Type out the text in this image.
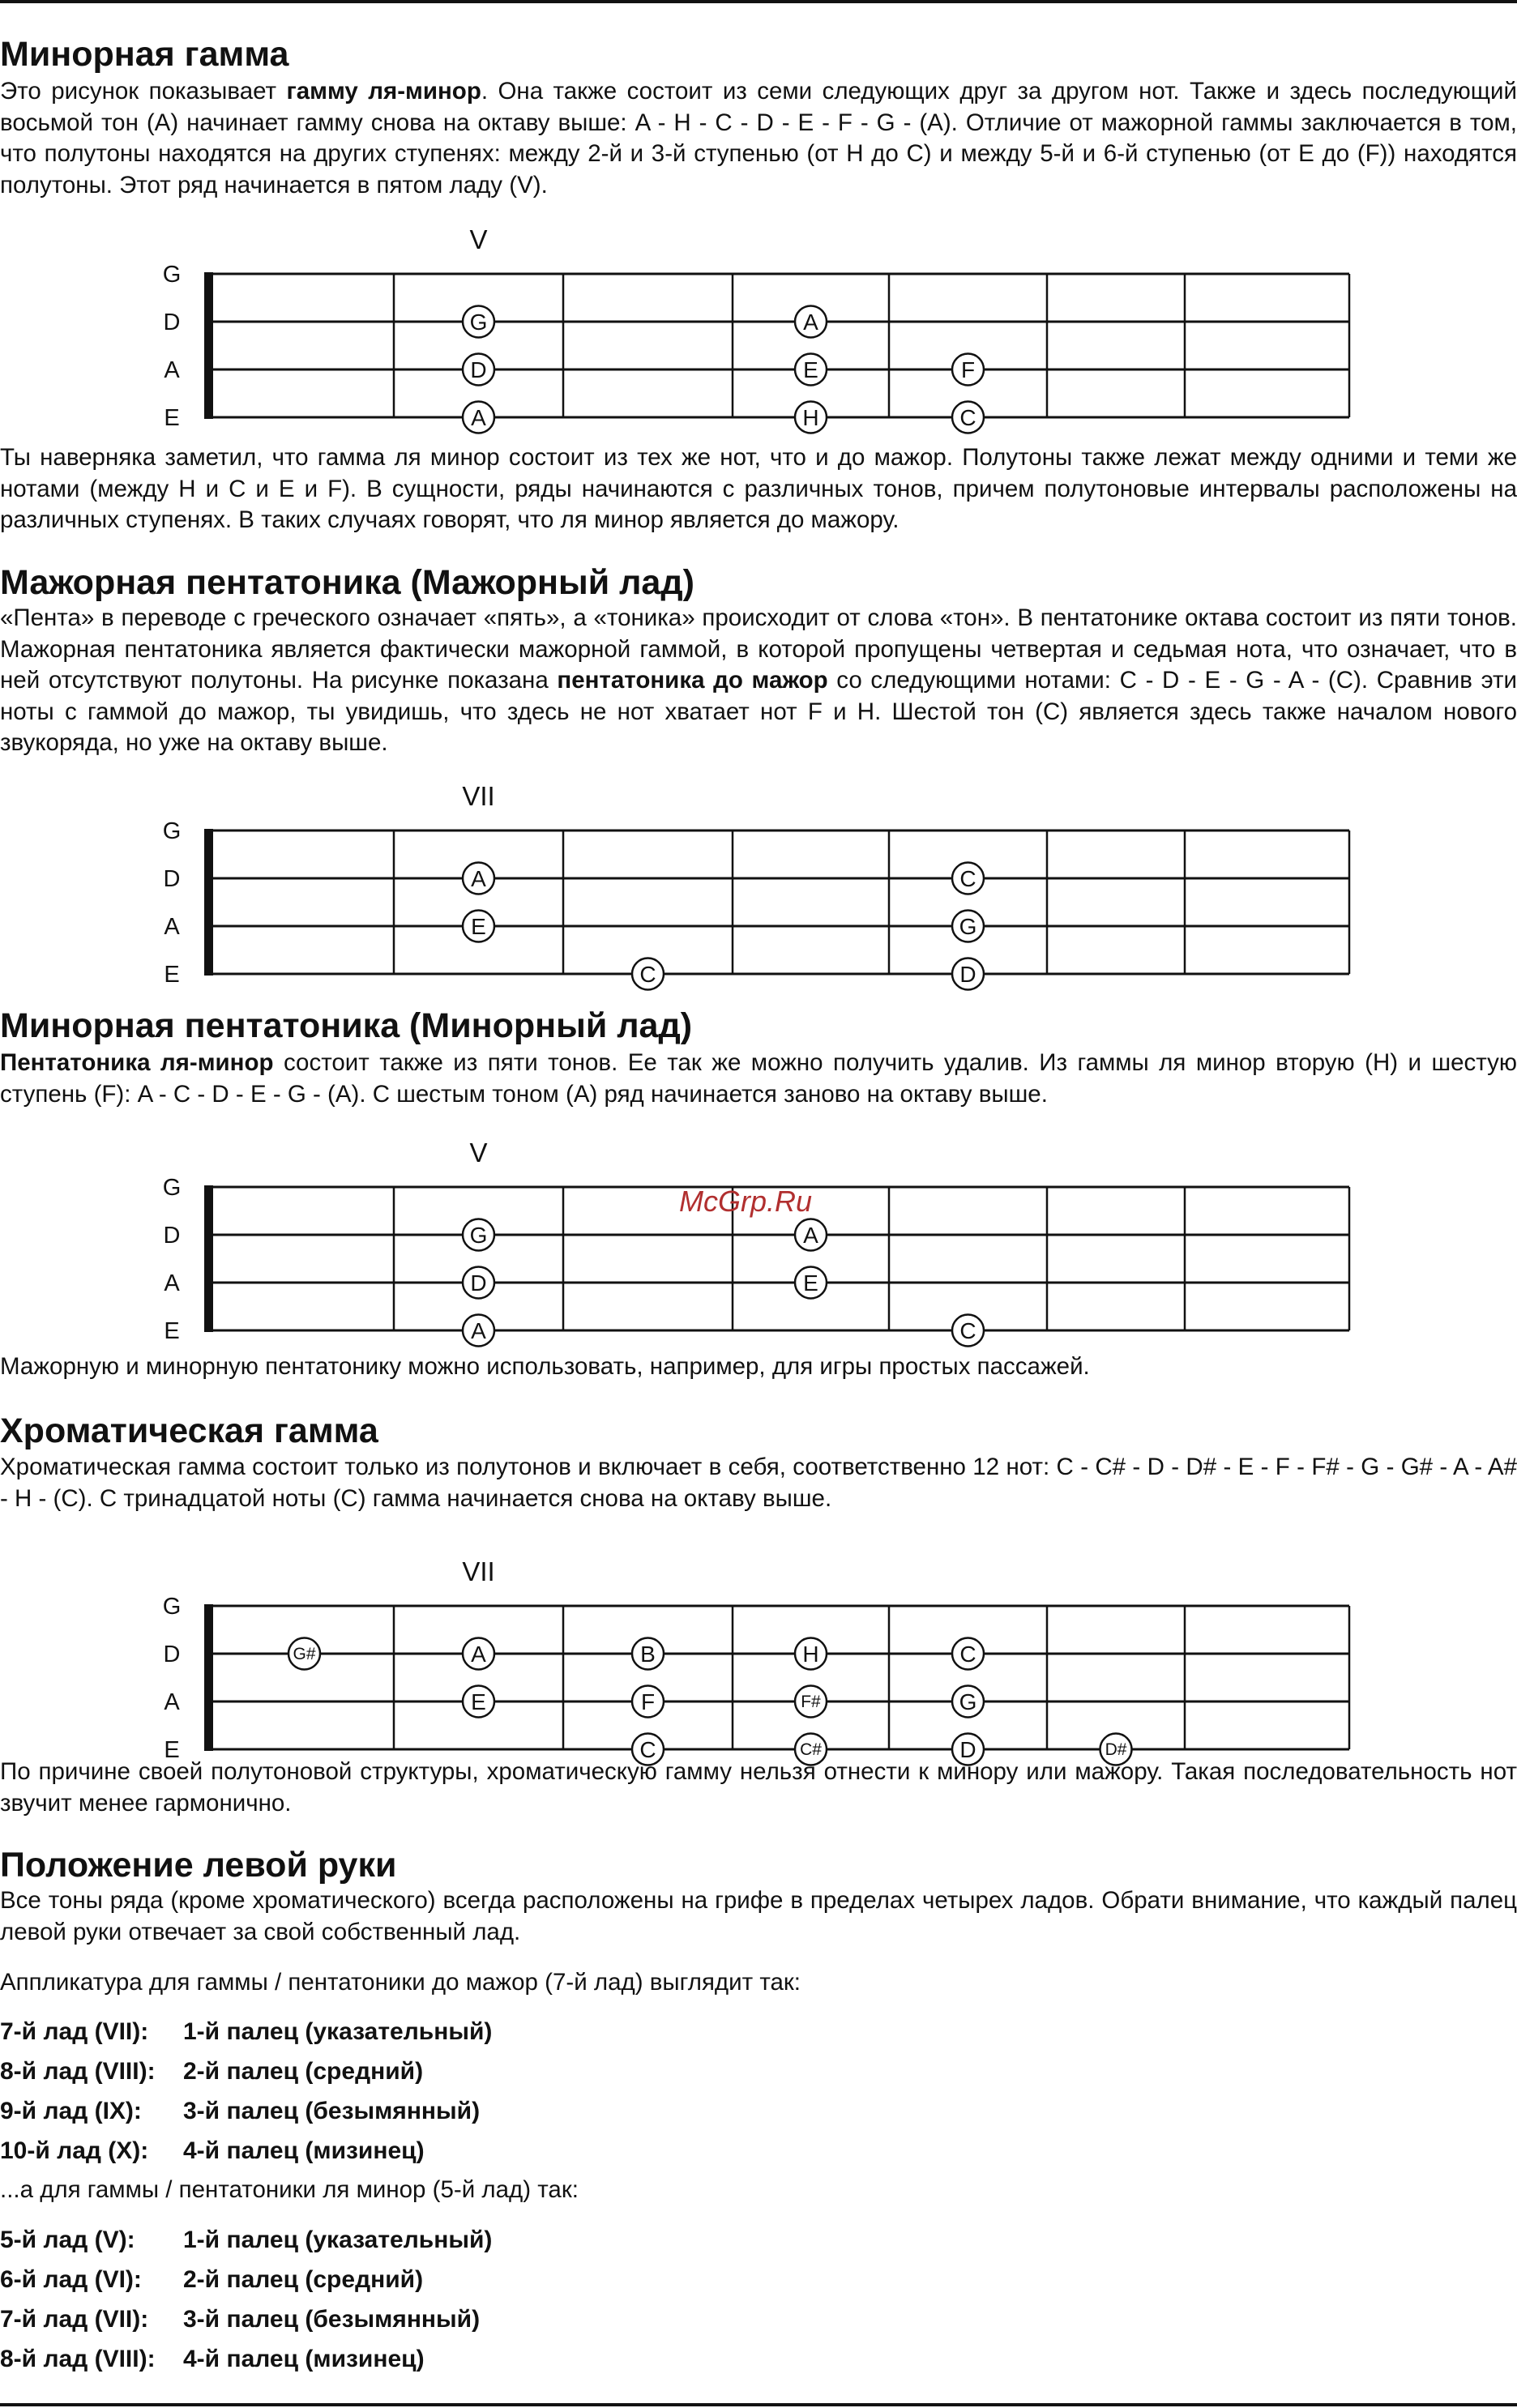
Минорная гамма

Это рисунок показывает гамму ля-минор. Она также состоит из семи следующих друг за другом нот. Также и здесь последующий восьмой тон (A) начинает гамму снова на октаву выше: A - H - C - D - E - F - G - (A). Отличие от мажорной гаммы заключается в том, что полутоны находятся на других ступенях: между 2-й и 3-й ступенью (от H до C) и между 5-й и 6-й ступенью (от E до (F)) находятся полутоны. Этот ряд начинается в пятом ладу (V).

G
D
A
E
V
G
D
A
A
E
H
F
C

Ты наверняка заметил, что гамма ля минор состоит из тех же нот, что и до мажор. Полутоны также лежат между одними и теми же нотами (между H и C и E и F). В сущности, ряды начинаются с различных тонов, причем полутоновые интервалы расположены на различных ступенях. В таких случаях говорят, что ля минор является до мажору.

Мажорная пентатоника (Мажорный лад)

«Пента» в переводе с греческого означает «пять», а «тоника» происходит от слова «тон». В пентатонике октава состоит из пяти тонов. Мажорная пентатоника является фактически мажорной гаммой, в которой пропущены четвертая и седьмая нота, что означает, что в ней отсутствуют полутоны. На рисунке показана пентатоника до мажор со следующими нотами: C - D - E - G - A - (C). Сравнив эти ноты с гаммой до мажор, ты увидишь, что здесь не нот хватает нот F и H. Шестой тон (C) является здесь также началом нового звукоряда, но уже на октаву выше.

G
D
A
E
VII
A
E
C
C
G
D
Минорная пентатоника (Минорный лад)

Пентатоника ля-минор состоит также из пяти тонов. Ее так же можно получить удалив. Из гаммы ля минор вторую (H) и шестую ступень (F): A - C - D - E - G - (A). С шестым тоном (A) ряд начинается заново на октаву выше.

G
D
A
E
V
G
D
A
A
E
C

Мажорную и минорную пентатонику можно использовать, например, для игры простых пассажей.

Хроматическая гамма

Хроматическая гамма состоит только из полутонов и включает в себя, соответственно 12 нот: C - C# - D - D# - E - F - F# - G - G# - A - A# - H - (C). С тринадцатой ноты (C) гамма начинается снова на октаву выше.

G
D
A
E
VII
G#	A
E
B
F
C
H
F#
C#
C
G
D	D#

По причине своей полутоновой структуры, хроматическую гамму нельзя отнести к минору или мажору. Такая последовательность нот звучит менее гармонично.

Положение левой руки

Все тоны ряда (кроме хроматического) всегда расположены на грифе в пределах четырех ладов. Обрати внимание, что каждый палец левой руки отвечает за свой собственный лад.

Аппликатура для гаммы / пентатоники до мажор (7-й лад) выглядит так:

7-й лад (VII): 1-й палец (указательный)
8-й лад (VIII): 2-й палец (средний)
9-й лад (IX): 3-й палец (безымянный)
10-й лад (X): 4-й палец (мизинец)

...а для гаммы / пентатоники ля минор (5-й лад) так:

5-й лад (V): 1-й палец (указательный)
6-й лад (VI): 2-й палец (средний)
7-й лад (VII): 3-й палец (безымянный)
8-й лад (VIII): 4-й палец (мизинец)
McGrp.Ru
